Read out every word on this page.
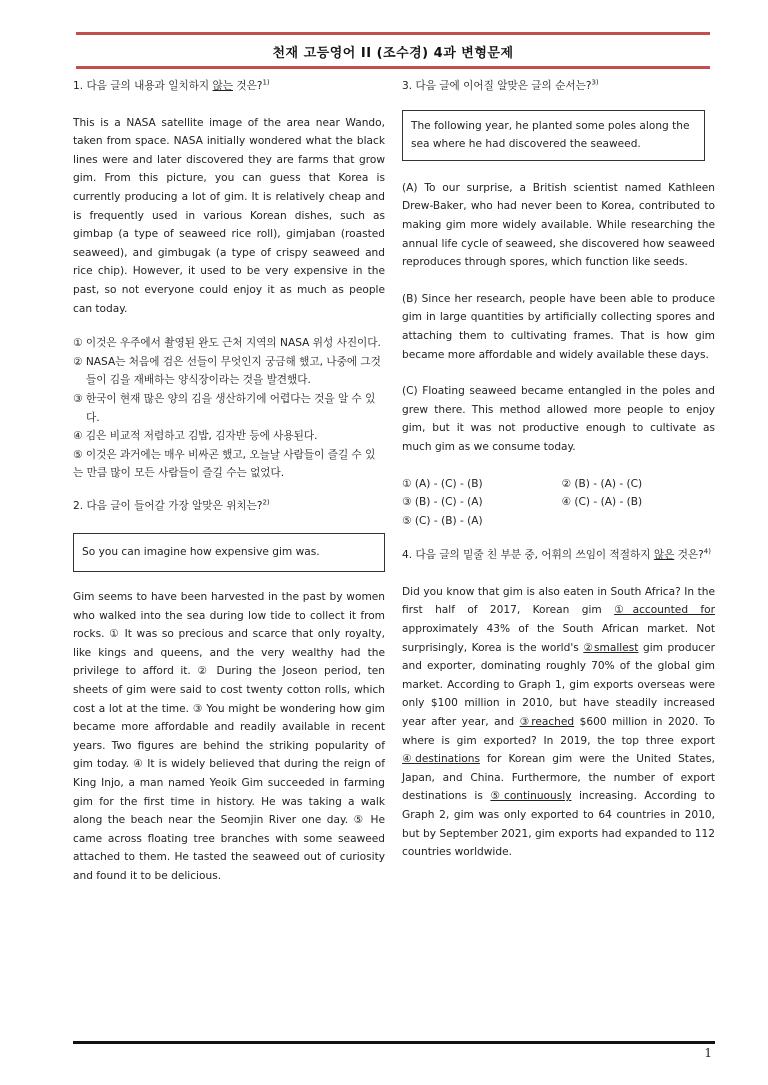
천재 고등영어 II (조수경) 4과 변형문제

1. 다음 글의 내용과 일치하지 않는 것은?$^{1)}$

This is a NASA satellite image of the area near Wando, taken from space. NASA initially wondered what the black lines were and later discovered they are farms that grow gim. From this picture, you can guess that Korea is currently producing a lot of gim. It is relatively cheap and is frequently used in various Korean dishes, such as gimbap (a type of seaweed rice roll), gimjaban (roasted seaweed), and gimbugak (a type of crispy seaweed and rice chip). However, it used to be very expensive in the past, so not everyone could enjoy it as much as people can today.

① 이것은 우주에서 촬영된 완도 근처 지역의 NASA 위성 사진이다.
② NASA는 처음에 검은 선들이 무엇인지 궁금해 했고, 나중에 그것들이 김을 재배하는 양식장이라는 것을 발견했다.
③ 한국이 현재 많은 양의 김을 생산하기에 어렵다는 것을 알 수 있다.
④ 김은 비교적 저렴하고 김밥, 김자반 등에 사용된다.
⑤ 이것은 과거에는 매우 비싸곤 했고, 오늘날 사람들이 즐길 수 있는 만큼 많이 모든 사람들이 즐길 수는 없었다.

2. 다음 글이 들어갈 가장 알맞은 위치는?$^{2)}$

So you can imagine how expensive gim was.

Gim seems to have been harvested in the past by women who walked into the sea during low tide to collect it from rocks. ① It was so precious and scarce that only royalty, like kings and queens, and the very wealthy had the privilege to afford it. ② During the Joseon period, ten sheets of gim were said to cost twenty cotton rolls, which cost a lot at the time. ③ You might be wondering how gim became more affordable and readily available in recent years. Two figures are behind the striking popularity of gim today. ④ It is widely believed that during the reign of King Injo, a man named Yeoik Gim succeeded in farming gim for the first time in history. He was taking a walk along the beach near the Seomjin River one day. ⑤ He came across floating tree branches with some seaweed attached to them. He tasted the seaweed out of curiosity and found it to be delicious.

3. 다음 글에 이어질 알맞은 글의 순서는?$^{3)}$

The following year, he planted some poles along the sea where he had discovered the seaweed.

(A) To our surprise, a British scientist named Kathleen Drew-Baker, who had never been to Korea, contributed to making gim more widely available. While researching the annual life cycle of seaweed, she discovered how seaweed reproduces through spores, which function like seeds.

(B) Since her research, people have been able to produce gim in large quantities by artificially collecting spores and attaching them to cultivating frames. That is how gim became more affordable and widely available these days.

(C) Floating seaweed became entangled in the poles and grew there. This method allowed more people to enjoy gim, but it was not productive enough to cultivate as much gim as we consume today.

① (A) - (C) - (B)	② (B) - (A) - (C)
③ (B) - (C) - (A)	④ (C) - (A) - (B)
⑤ (C) - (B) - (A)

4. 다음 글의 밑줄 친 부분 중, 어휘의 쓰임이 적절하지 않은 것은?$^{4)}$

Did you know that gim is also eaten in South Africa? In the first half of 2017, Korean gim ①accounted for approximately 43% of the South African market. Not surprisingly, Korea is the world's ②smallest gim producer and exporter, dominating roughly 70% of the global gim market. According to Graph 1, gim exports overseas were only $100 million in 2010, but have steadily increased year after year, and ③reached $600 million in 2020. To where is gim exported? In 2019, the top three export ④destinations for Korean gim were the United States, Japan, and China. Furthermore, the number of export destinations is ⑤continuously increasing. According to Graph 2, gim was only exported to 64 countries in 2010, but by September 2021, gim exports had expanded to 112 countries worldwide.

1
